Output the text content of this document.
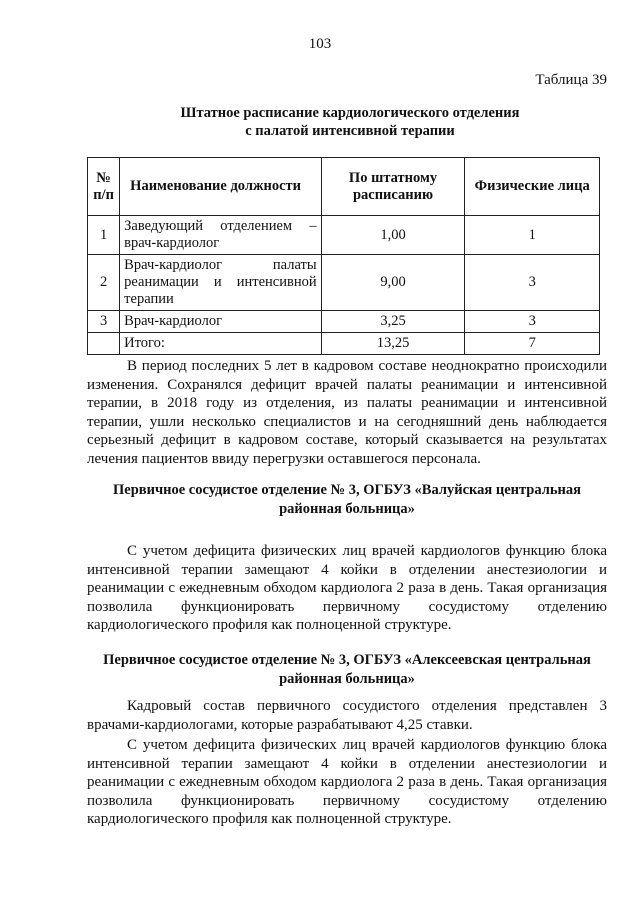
103
Таблица 39
Штатное расписание кардиологического отделения
с палатой интенсивной терапии
№ п/п	Наименование должности	По штатному расписанию	Физические лица
1	Заведующий отделением – врач-кардиолог	1,00	1
2	Врач-кардиолог палаты реанимации и интенсивной терапии	9,00	3
3	Врач-кардиолог	3,25	3
	Итого:	13,25	7
В период последних 5 лет в кадровом составе неоднократно происходили изменения. Сохранялся дефицит врачей палаты реанимации и интенсивной терапии, в 2018 году из отделения, из палаты реанимации и интенсивной терапии, ушли несколько специалистов и на сегодняшний день наблюдается серьезный дефицит в кадровом составе, который сказывается на результатах лечения пациентов ввиду перегрузки оставшегося персонала.
Первичное сосудистое отделение № 3, ОГБУЗ «Валуйская центральная районная больница»
С учетом дефицита физических лиц врачей кардиологов функцию блока интенсивной терапии замещают 4 койки в отделении анестезиологии и реанимации с ежедневным обходом кардиолога 2 раза в день. Такая организация позволила функционировать первичному сосудистому отделению кардиологического профиля как полноценной структуре.
Первичное сосудистое отделение № 3, ОГБУЗ «Алексеевская центральная районная больница»
Кадровый состав первичного сосудистого отделения представлен 3 врачами-кардиологами, которые разрабатывают 4,25 ставки.
С учетом дефицита физических лиц врачей кардиологов функцию блока интенсивной терапии замещают 4 койки в отделении анестезиологии и реанимации с ежедневным обходом кардиолога 2 раза в день. Такая организация позволила функционировать первичному сосудистому отделению кардиологического профиля как полноценной структуре.
